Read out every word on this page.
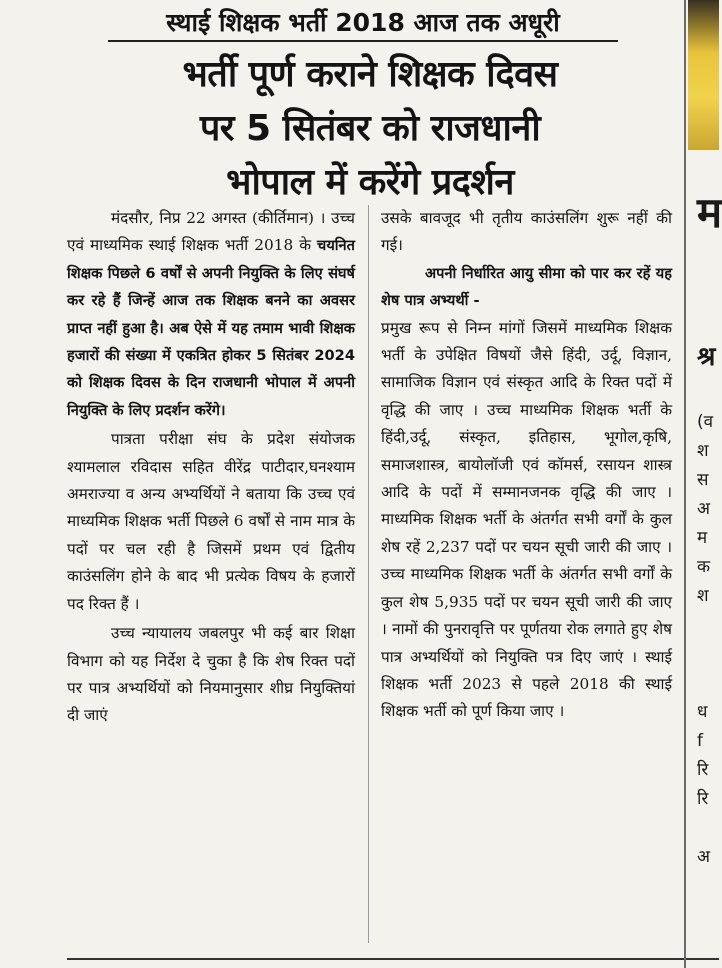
स्थाई शिक्षक भर्ती 2018 आज तक अधूरी
भर्ती पूर्ण कराने शिक्षक दिवस
पर 5 सितंबर को राजधानी
भोपाल में करेंगे प्रदर्शन

मंदसौर, निप्र 22 अगस्त (कीर्तिमान) । उच्च एवं माध्यमिक स्थाई शिक्षक भर्ती 2018 के चयनित शिक्षक पिछले 6 वर्षों से अपनी नियुक्ति के लिए संघर्ष कर रहे हैं जिन्हें आज तक शिक्षक बनने का अवसर प्राप्त नहीं हुआ है। अब ऐसे में यह तमाम भावी शिक्षक हजारों की संख्या में एकत्रित होकर 5 सितंबर 2024 को शिक्षक दिवस के दिन राजधानी भोपाल में अपनी नियुक्ति के लिए प्रदर्शन करेंगे।

पात्रता परीक्षा संघ के प्रदेश संयोजक श्यामलाल रविदास सहित वीरेंद्र पाटीदार,घनश्याम अमराज्या व अन्य अभ्यर्थियों ने बताया कि उच्च एवं माध्यमिक शिक्षक भर्ती पिछले 6 वर्षों से नाम मात्र के पदों पर चल रही है जिसमें प्रथम एवं द्वितीय काउंसलिंग होने के बाद भी प्रत्येक विषय के हजारों पद रिक्त हैं ।

उच्च न्यायालय जबलपुर भी कई बार शिक्षा विभाग को यह निर्देश दे चुका है कि शेष रिक्त पदों पर पात्र अभ्यर्थियों को नियमानुसार शीघ्र नियुक्तियां दी जाएं

उसके बावजूद भी तृतीय काउंसलिंग शुरू नहीं की गई।

अपनी निर्धारित आयु सीमा को पार कर रहें यह शेष पात्र अभ्यर्थी -

प्रमुख रूप से निम्न मांगों जिसमें माध्यमिक शिक्षक भर्ती के उपेक्षित विषयों जैसे हिंदी, उर्दू, विज्ञान, सामाजिक विज्ञान एवं संस्कृत आदि के रिक्त पदों में वृद्धि की जाए । उच्च माध्यमिक शिक्षक भर्ती के हिंदी,उर्दू, संस्कृत, इतिहास, भूगोल,कृषि, समाजशास्त्र, बायोलॉजी एवं कॉमर्स, रसायन शास्त्र आदि के पदों में सम्मानजनक वृद्धि की जाए । माध्यमिक शिक्षक भर्ती के अंतर्गत सभी वर्गों के कुल शेष रहें 2,237 पदों पर चयन सूची जारी की जाए । उच्च माध्यमिक शिक्षक भर्ती के अंतर्गत सभी वर्गों के कुल शेष 5,935 पदों पर चयन सूची जारी की जाए । नामों की पुनरावृत्ति पर पूर्णतया रोक लगाते हुए शेष पात्र अभ्यर्थियों को नियुक्ति पत्र दिए जाएं । स्थाई शिक्षक भर्ती 2023 से पहले 2018 की स्थाई शिक्षक भर्ती को पूर्ण किया जाए ।

म
श्र
(व
श
स
अ
म
क
श

ध
f
रि
रि

अ
